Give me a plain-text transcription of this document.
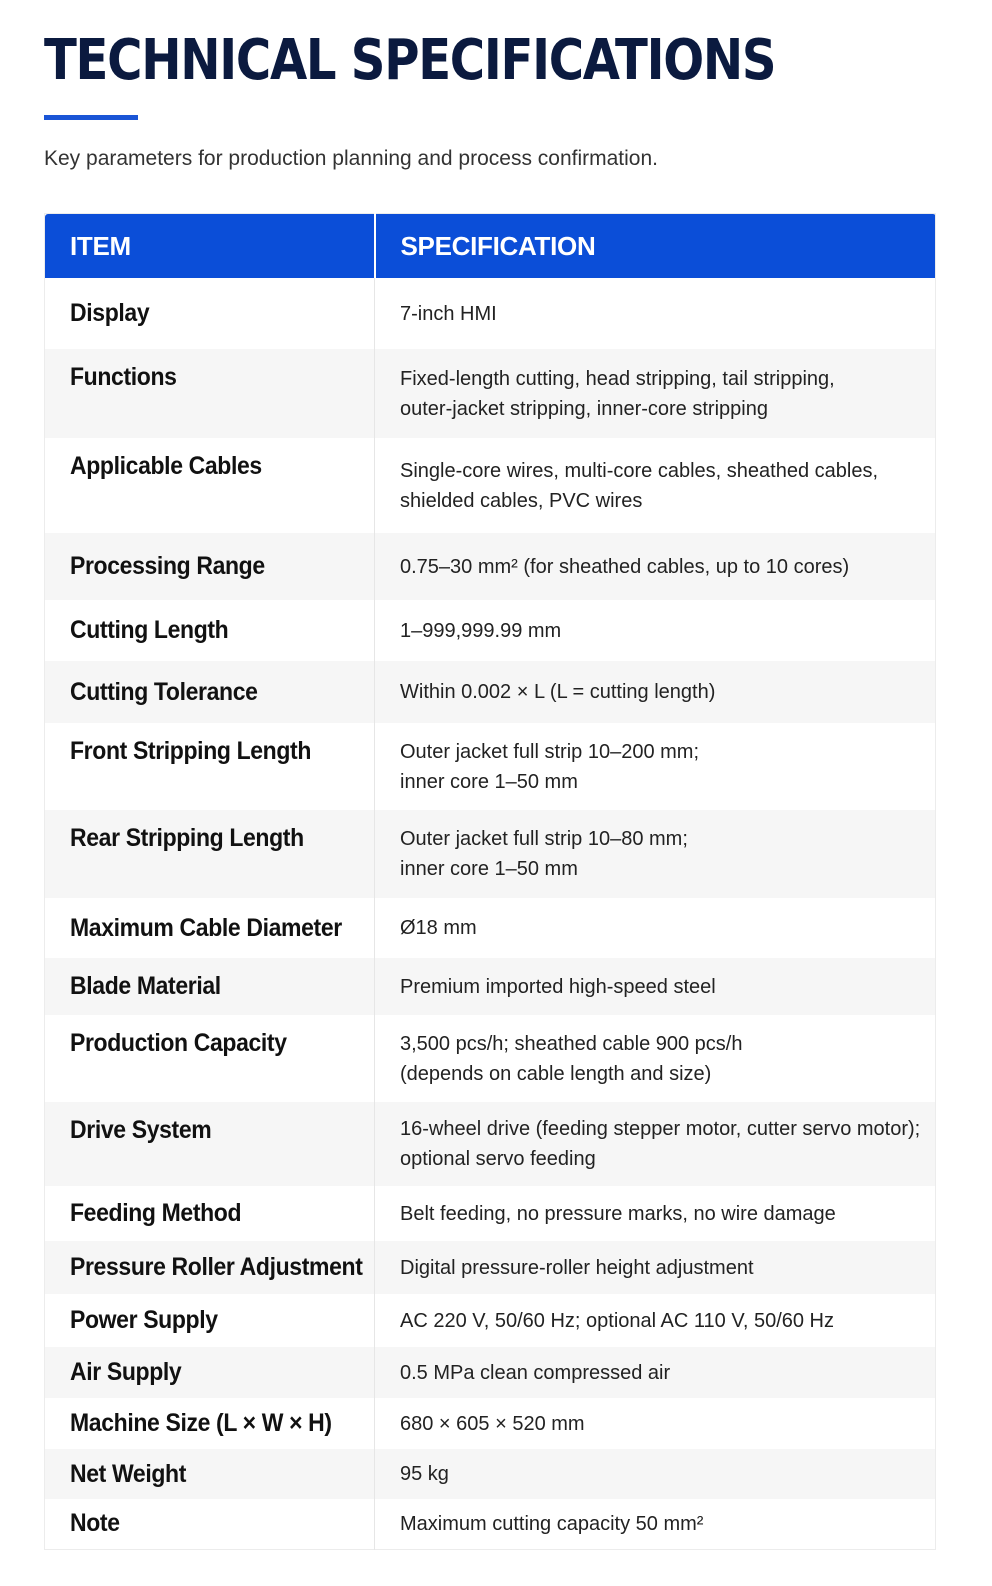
TECHNICAL SPECIFICATIONS

Key parameters for production planning and process confirmation.

ITEM	SPECIFICATION
Display	7-inch HMI
Functions	Fixed-length cutting, head stripping, tail stripping,
outer-jacket stripping, inner-core stripping
Applicable Cables	Single-core wires, multi-core cables, sheathed cables,
shielded cables, PVC wires
Processing Range	0.75–30 mm² (for sheathed cables, up to 10 cores)
Cutting Length	1–999,999.99 mm
Cutting Tolerance	Within 0.002 × L (L = cutting length)
Front Stripping Length	Outer jacket full strip 10–200 mm;
inner core 1–50 mm
Rear Stripping Length	Outer jacket full strip 10–80 mm;
inner core 1–50 mm
Maximum Cable Diameter	Ø18 mm
Blade Material	Premium imported high-speed steel
Production Capacity	3,500 pcs/h; sheathed cable 900 pcs/h
(depends on cable length and size)
Drive System	16-wheel drive (feeding stepper motor, cutter servo motor);
optional servo feeding
Feeding Method	Belt feeding, no pressure marks, no wire damage
Pressure Roller Adjustment	Digital pressure-roller height adjustment
Power Supply	AC 220 V, 50/60 Hz; optional AC 110 V, 50/60 Hz
Air Supply	0.5 MPa clean compressed air
Machine Size (L × W × H)	680 × 605 × 520 mm
Net Weight	95 kg
Note	Maximum cutting capacity 50 mm²
